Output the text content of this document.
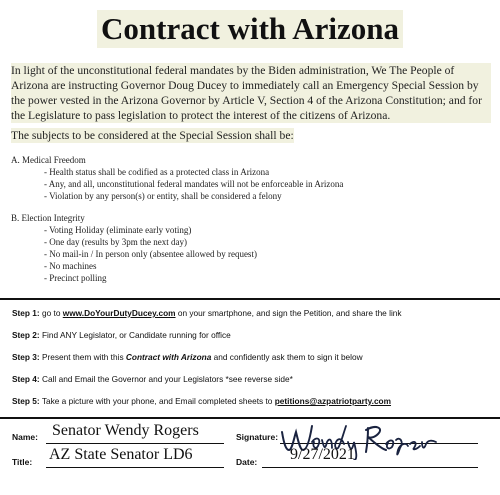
Contract with Arizona
In light of the unconstitutional federal mandates by the Biden administration, We The People of Arizona are instructing Governor Doug Ducey to immediately call an Emergency Special Session by the power vested in the Arizona Governor by Article V, Section 4 of the Arizona Constitution; and for the Legislature to pass legislation to protect the interest of the citizens of Arizona.
The subjects to be considered at the Special Session shall be:
A. Medical Freedom
- Health status shall be codified as a protected class in Arizona
- Any, and all, unconstitutional federal mandates will not be enforceable in Arizona
- Violation by any person(s) or entity, shall be considered a felony
B. Election Integrity
- Voting Holiday (eliminate early voting)
- One day (results by 3pm the next day)
- No mail-in / In person only (absentee allowed by request)
- No machines
- Precinct polling
Step 1: go to www.DoYourDutyDucey.com on your smartphone, and sign the Petition, and share the link
Step 2: Find ANY Legislator, or Candidate running for office
Step 3: Present them with this Contract with Arizona and confidently ask them to sign it below
Step 4: Call and Email the Governor and your Legislators *see reverse side*
Step 5: Take a picture with your phone, and Email completed sheets to petitions@azpatriotparty.com
Name: Senator Wendy Rogers
Title: AZ State Senator LD6
Signature:
Date: 9/27/2021
